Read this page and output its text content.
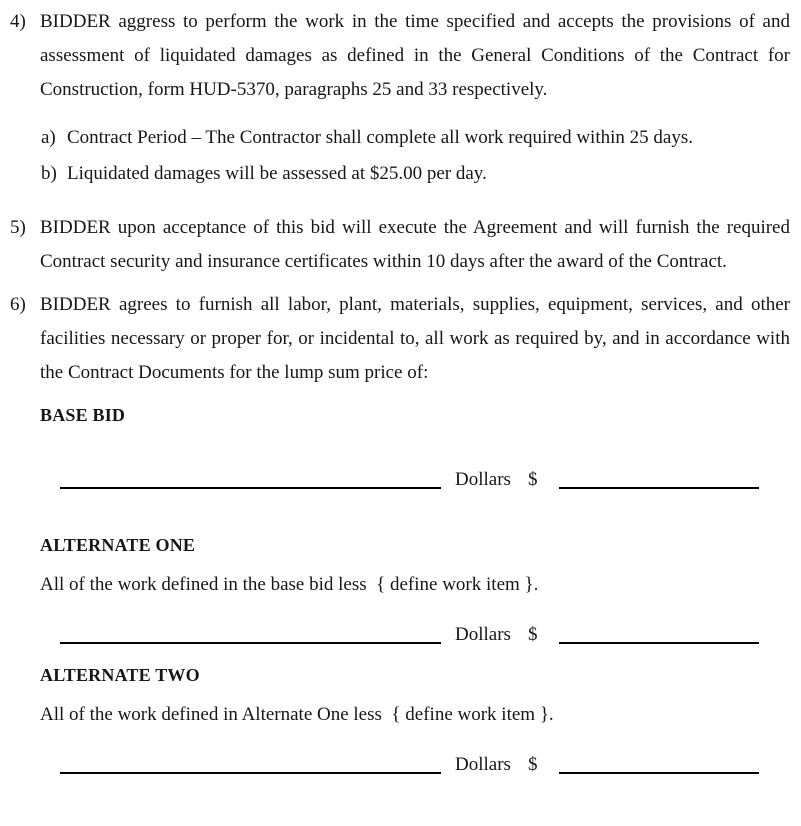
4) BIDDER aggress to perform the work in the time specified and accepts the provisions of and assessment of liquidated damages as defined in the General Conditions of the Contract for Construction, form HUD-5370, paragraphs 25 and 33 respectively.
a) Contract Period – The Contractor shall complete all work required within 25 days.
b) Liquidated damages will be assessed at $25.00 per day.
5) BIDDER upon acceptance of this bid will execute the Agreement and will furnish the required Contract security and insurance certificates within 10 days after the award of the Contract.
6) BIDDER agrees to furnish all labor, plant, materials, supplies, equipment, services, and other facilities necessary or proper for, or incidental to, all work as required by, and in accordance with the Contract Documents for the lump sum price of:
BASE BID
Dollars $
ALTERNATE ONE
All of the work defined in the base bid less  { define work item }.
Dollars $
ALTERNATE TWO
All of the work defined in Alternate One less  { define work item }.
Dollars $
